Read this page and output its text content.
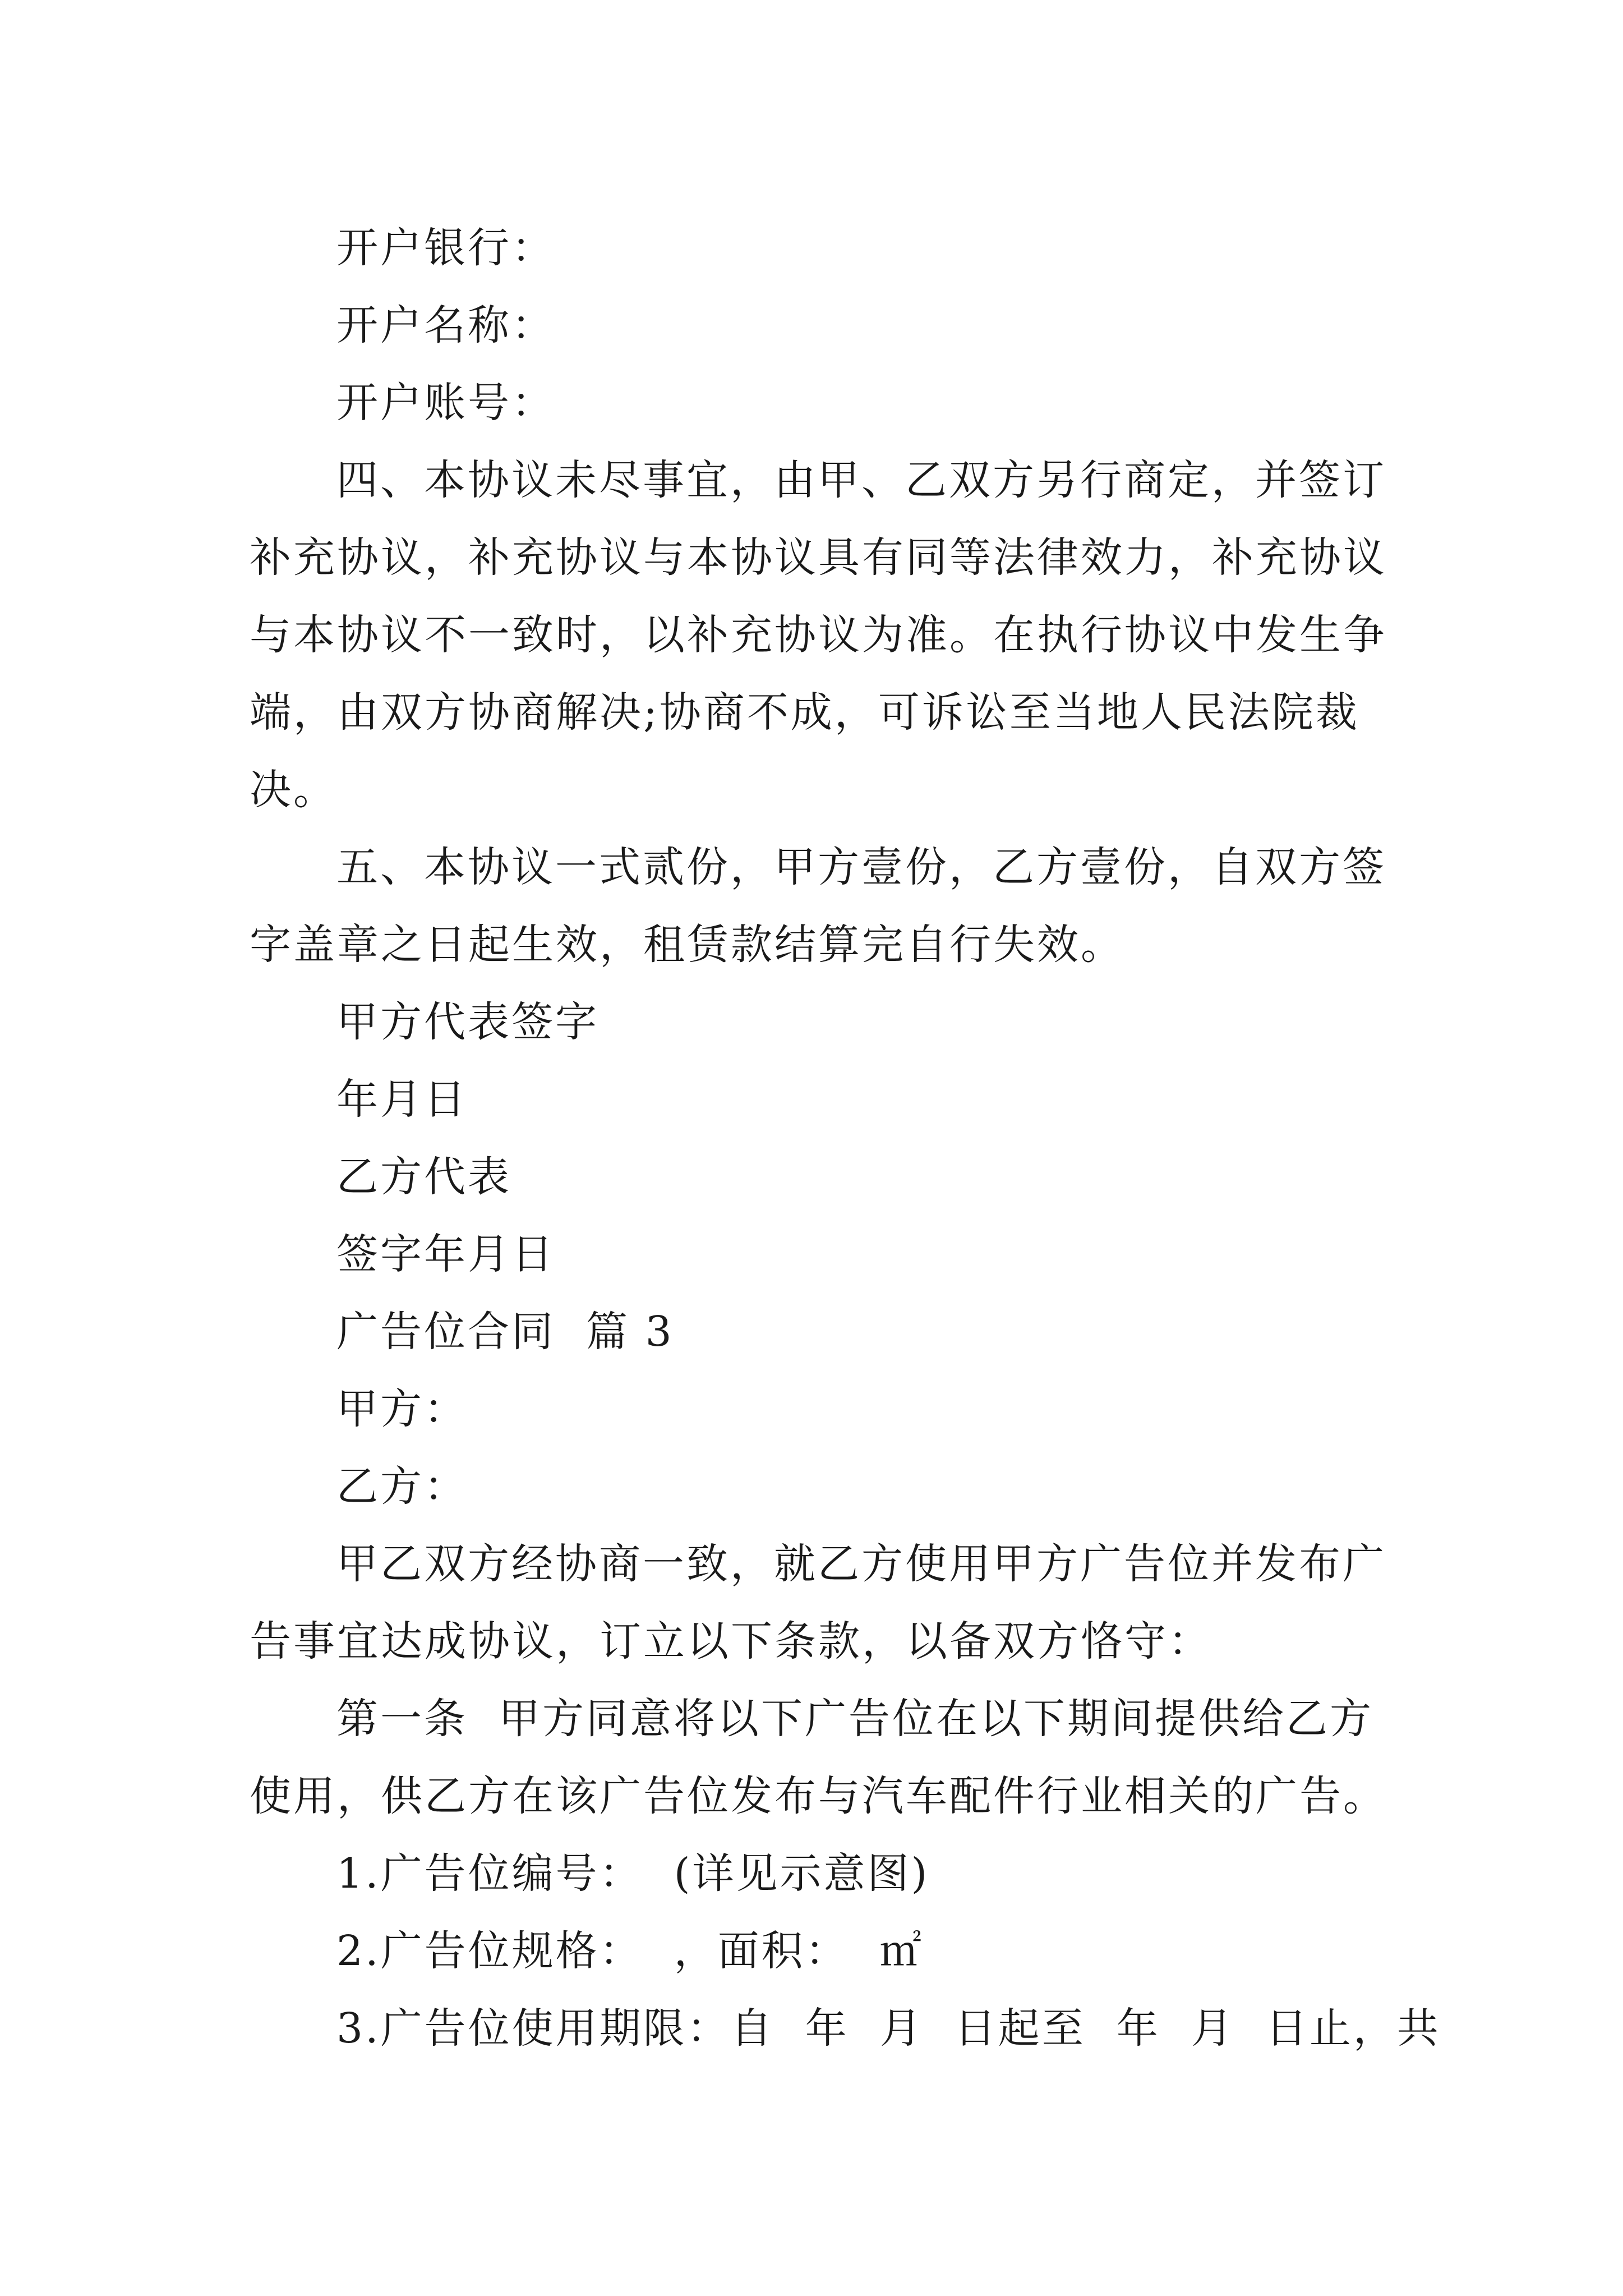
开户银行：
开户名称：
开户账号：
四、本协议未尽事宜，由甲、乙双方另行商定，并签订
补充协议，补充协议与本协议具有同等法律效力，补充协议
与本协议不一致时，以补充协议为准。在执行协议中发生争
端，由双方协商解决;协商不成，可诉讼至当地人民法院裁
决。
五、本协议一式贰份，甲方壹份，乙方壹份，自双方签
字盖章之日起生效，租赁款结算完自行失效。
甲方代表签字
年月日
乙方代表
签字年月日
广告位合同  篇 3
甲方：
乙方：
甲乙双方经协商一致，就乙方使用甲方广告位并发布广
告事宜达成协议，订立以下条款，以备双方恪守：
第一条  甲方同意将以下广告位在以下期间提供给乙方
使用，供乙方在该广告位发布与汽车配件行业相关的广告。
1.广告位编号：  (详见示意图)
2.广告位规格：  ，面积：  ㎡
3.广告位使用期限：自  年  月  日起至  年  月  日止，共
